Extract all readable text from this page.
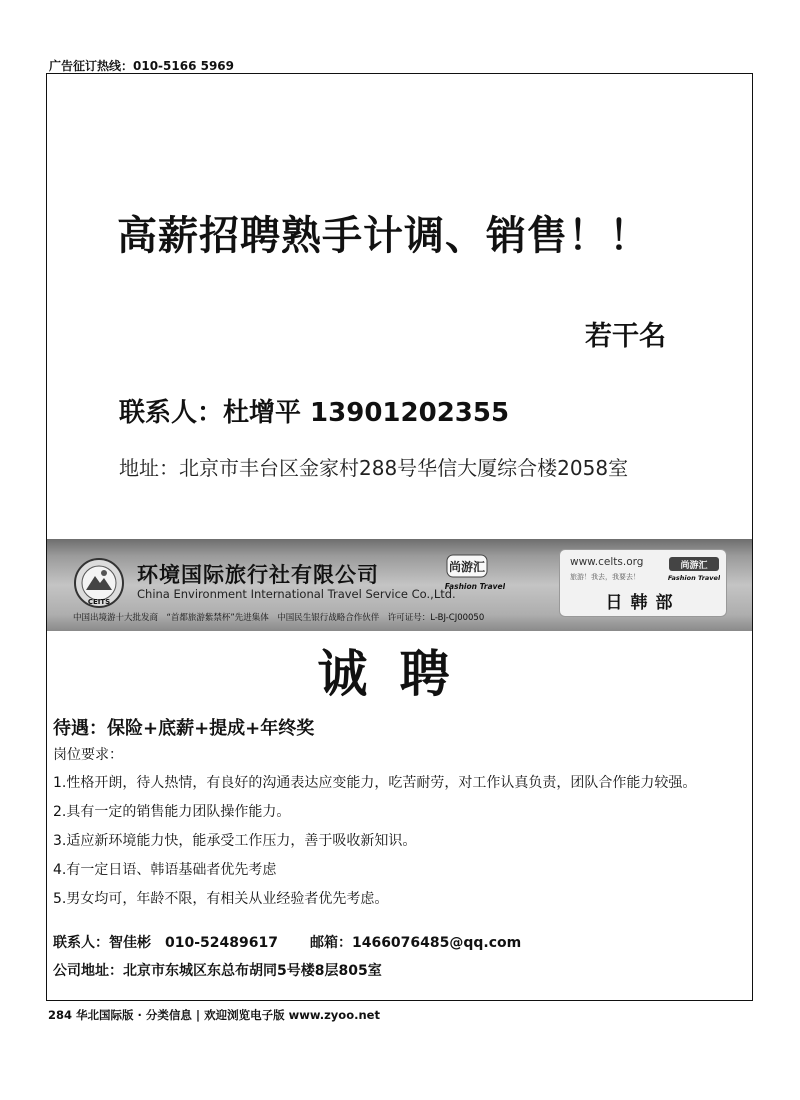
广告征订热线：010-5166 5969
高薪招聘熟手计调、销售！！
若干名
联系人：杜增平 13901202355
地址：北京市丰台区金家村288号华信大厦综合楼2058室
CEITS
环境国际旅行社有限公司
China Environment International Travel Service Co.,Ltd.
中国出境游十大批发商　“首都旅游紫禁杯”先进集体　中国民生银行战略合作伙伴　许可证号：L-BJ-CJ00050
尚游汇
Fashion Travel
www.celts.org
旅游！我去，我要去！
尚游汇
Fashion Travel
日韩部
诚聘
待遇：保险+底薪+提成+年终奖
岗位要求：
1.性格开朗，待人热情，有良好的沟通表达应变能力，吃苦耐劳，对工作认真负责，团队合作能力较强。
2.具有一定的销售能力团队操作能力。
3.适应新环境能力快，能承受工作压力，善于吸收新知识。
4.有一定日语、韩语基础者优先考虑
5.男女均可，年龄不限，有相关从业经验者优先考虑。
联系人：智佳彬　010-52489617 邮箱：1466076485@qq.com
公司地址：北京市东城区东总布胡同5号楼8层805室
284 华北国际版 · 分类信息 | 欢迎浏览电子版 www.zyoo.net
